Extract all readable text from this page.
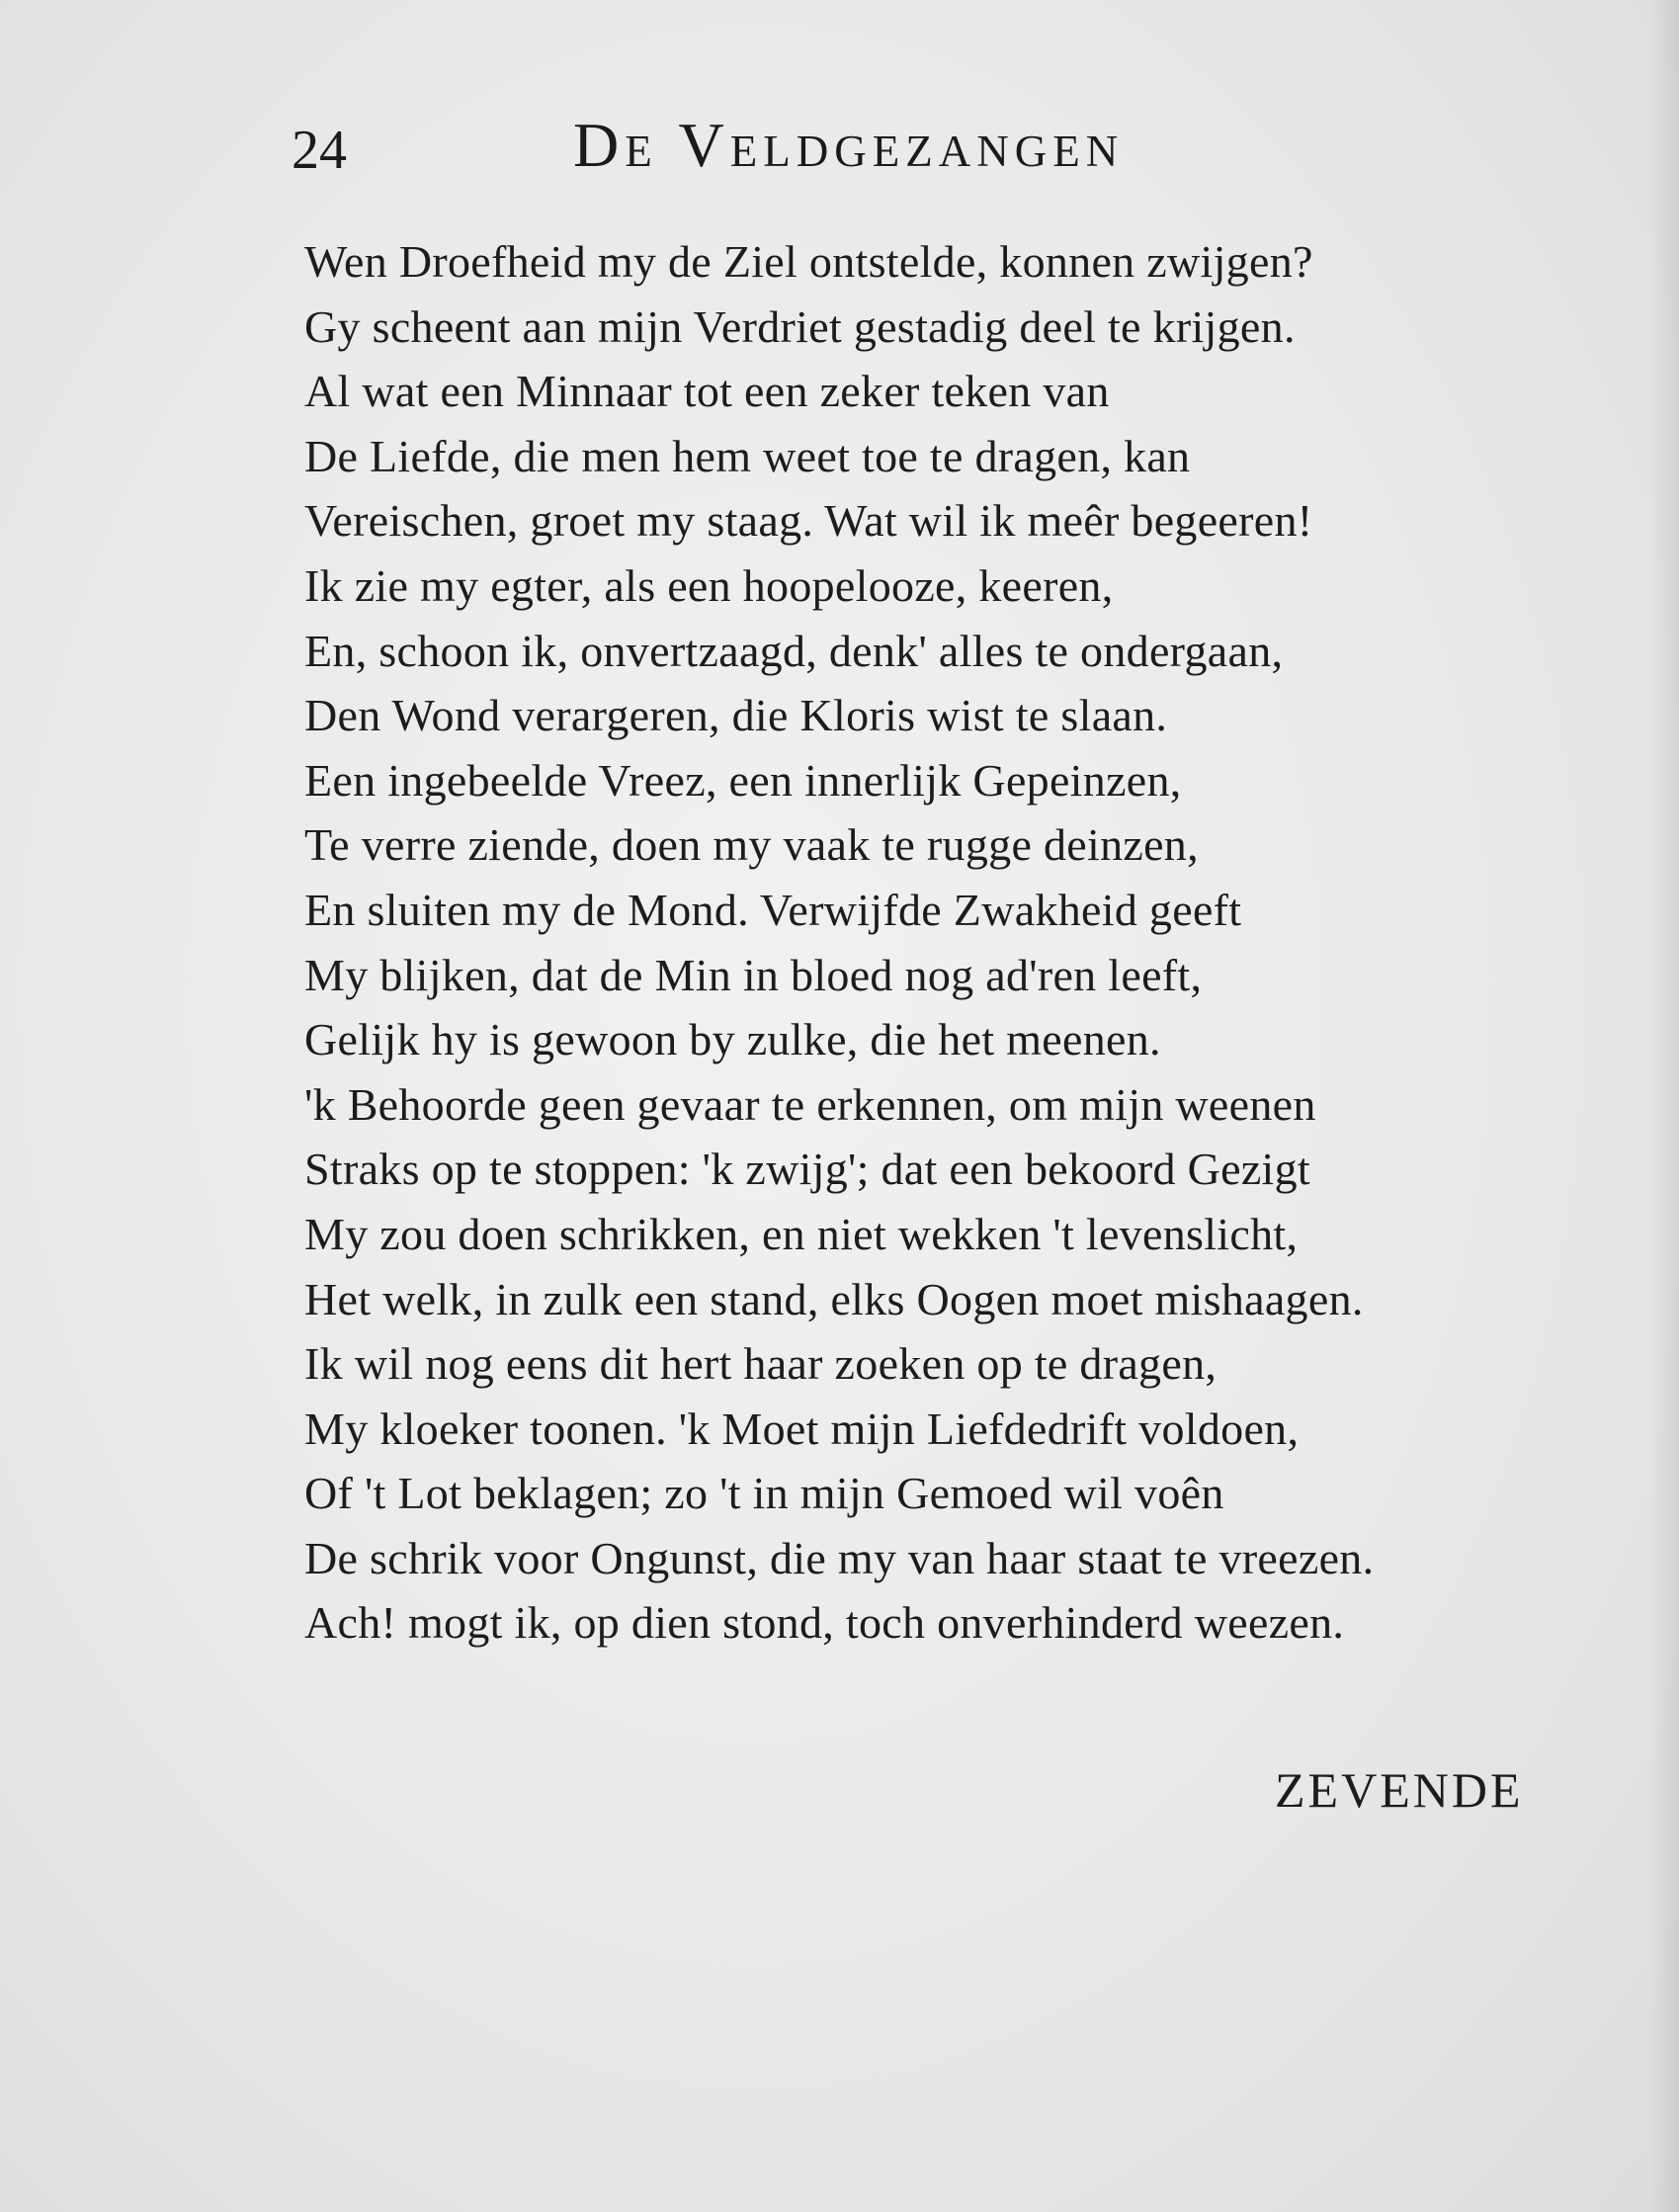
24	De Veldgezangen
Wen Droefheid my de Ziel ontstelde, konnen zwijgen?
Gy scheent aan mijn Verdriet gestadig deel te krijgen.
Al wat een Minnaar tot een zeker teken van
De Liefde, die men hem weet toe te dragen, kan
Vereischen, groet my staag. Wat wil ik meêr begeeren!
Ik zie my egter, als een hoopelooze, keeren,
En, schoon ik, onvertzaagd, denk' alles te ondergaan,
Den Wond verargeren, die Kloris wist te slaan.
Een ingebeelde Vreez, een innerlijk Gepeinzen,
Te verre ziende, doen my vaak te rugge deinzen,
En sluiten my de Mond. Verwijfde Zwakheid geeft
My blijken, dat de Min in bloed nog ad'ren leeft,
Gelijk hy is gewoon by zulke, die het meenen.
'k Behoorde geen gevaar te erkennen, om mijn weenen
Straks op te stoppen: 'k zwijg'; dat een bekoord Gezigt
My zou doen schrikken, en niet wekken 't levenslicht,
Het welk, in zulk een stand, elks Oogen moet mishaagen.
Ik wil nog eens dit hert haar zoeken op te dragen,
My kloeker toonen. 'k Moet mijn Liefdedrift voldoen,
Of 't Lot beklagen; zo 't in mijn Gemoed wil voên
De schrik voor Ongunst, die my van haar staat te vreezen.
Ach! mogt ik, op dien stond, toch onverhinderd weezen.
ZEVENDE
